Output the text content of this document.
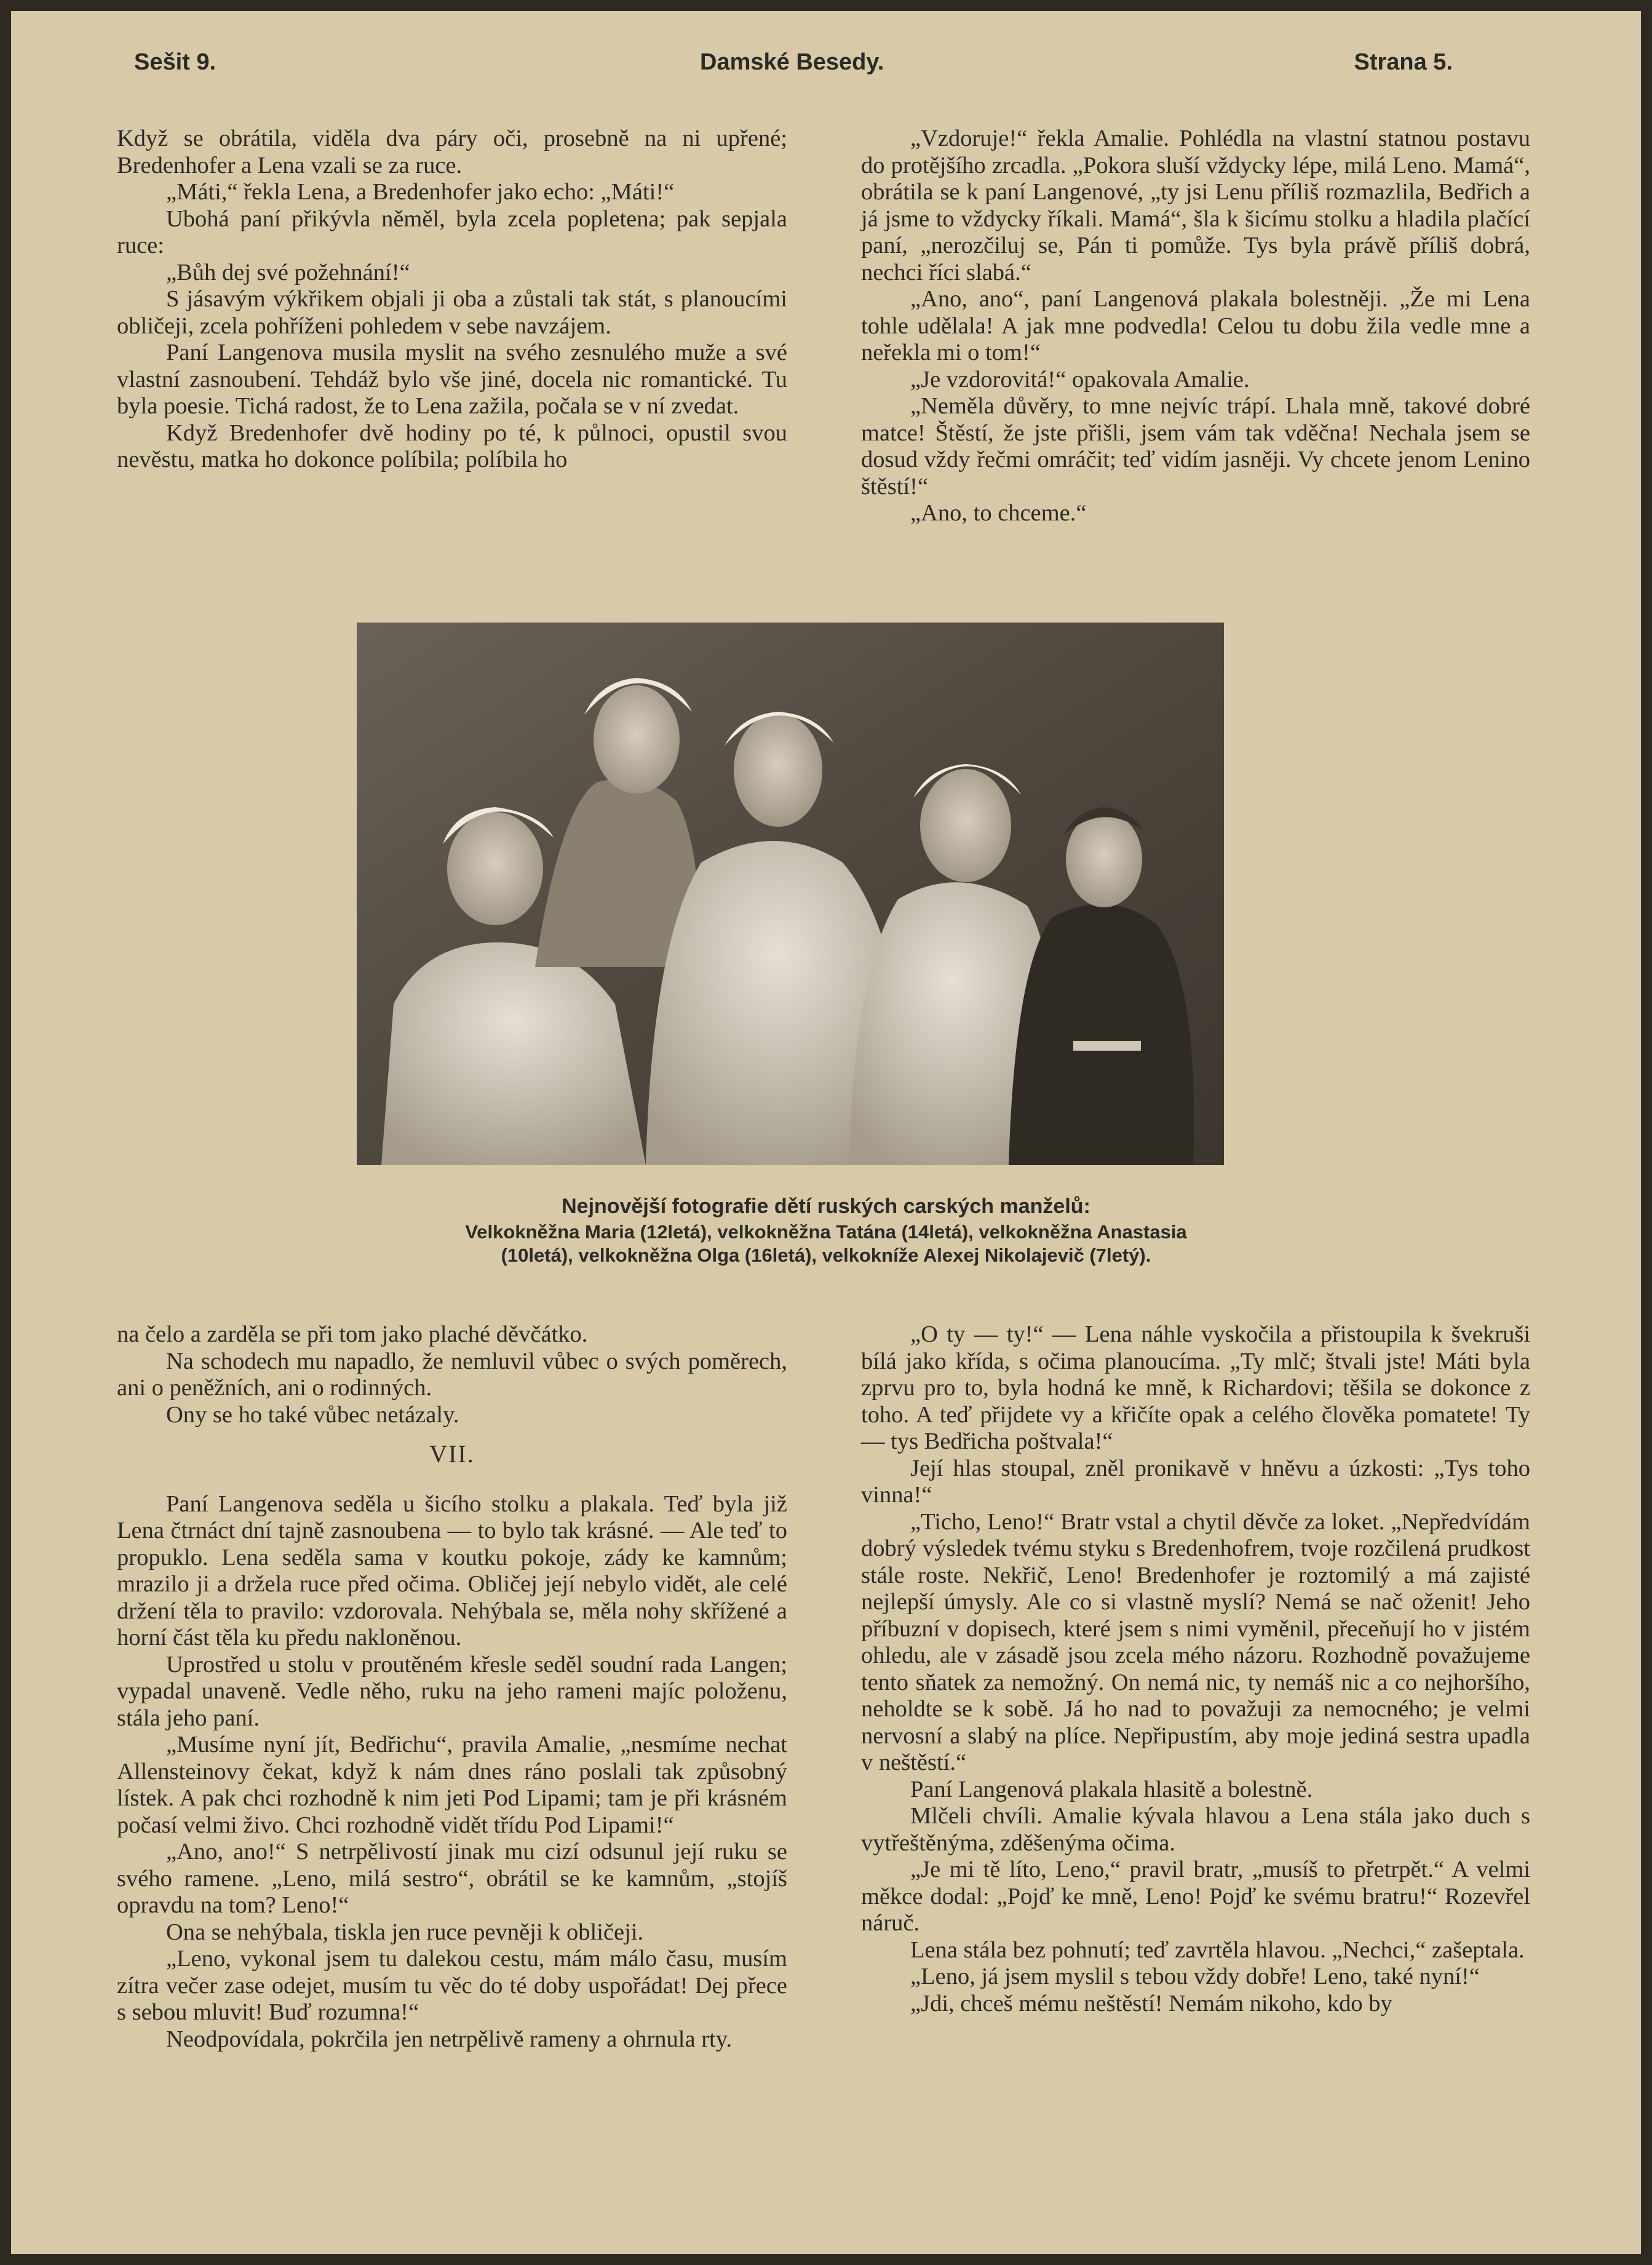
Sešit 9.	Damské Besedy.	Strana 5.

Když se obrátila, viděla dva páry oči, prosebně na ni upřené; Bredenhofer a Lena vzali se za ruce.

„Máti,“ řekla Lena, a Bredenhofer jako echo: „Máti!“

Ubohá paní přikývla něměl, byla zcela popletena; pak sepjala ruce:

„Bůh dej své požehnání!“

S jásavým výkřikem objali ji oba a zůstali tak stát, s planoucími obličeji, zcela pohříženi pohledem v sebe navzájem.

Paní Langenova musila myslit na svého zesnulého muže a své vlastní zasnoubení. Tehdáž bylo vše jiné, docela nic romantické. Tu byla poesie. Tichá radost, že to Lena zažila, počala se v ní zvedat.

Když Bredenhofer dvě hodiny po té, k půlnoci, opustil svou nevěstu, matka ho dokonce políbila; políbila ho

„Vzdoruje!“ řekla Amalie. Pohlédla na vlastní statnou postavu do protějšího zrcadla. „Pokora sluší vždycky lépe, milá Leno. Mamá“, obrátila se k paní Langenové, „ty jsi Lenu příliš rozmazlila, Bedřich a já jsme to vždycky říkali. Mamá“, šla k šicímu stolku a hladila plačící paní, „nerozčiluj se, Pán ti pomůže. Tys byla právě příliš dobrá, nechci říci slabá.“

„Ano, ano“, paní Langenová plakala bolestněji. „Že mi Lena tohle udělala! A jak mne podvedla! Celou tu dobu žila vedle mne a neřekla mi o tom!“

„Je vzdorovitá!“ opakovala Amalie.

„Neměla důvěry, to mne nejvíc trápí. Lhala mně, takové dobré matce! Štěstí, že jste přišli, jsem vám tak vděčna! Nechala jsem se dosud vždy řečmi omráčit; teď vidím jasněji. Vy chcete jenom Lenino štěstí!“

„Ano, to chceme.“

Nejnovější fotografie dětí ruských carských manželů:
Velkokněžna Maria (12letá), velkokněžna Tatána (14letá), velkokněžna Anastasia
(10letá), velkokněžna Olga (16letá), velkokníže Alexej Nikolajevič (7letý).

na čelo a zarděla se při tom jako plaché děvčátko.

Na schodech mu napadlo, že nemluvil vůbec o svých poměrech, ani o peněžních, ani o rodinných.

Ony se ho také vůbec netázaly.

VII.

Paní Langenova seděla u šicího stolku a plakala. Teď byla již Lena čtrnáct dní tajně zasnoubena — to bylo tak krásné. — Ale teď to propuklo. Lena seděla sama v koutku pokoje, zády ke kamnům; mrazilo ji a držela ruce před očima. Obličej její nebylo vidět, ale celé držení těla to pravilo: vzdorovala. Nehýbala se, měla nohy skřížené a horní část těla ku předu nakloněnou.

Uprostřed u stolu v proutěném křesle seděl soudní rada Langen; vypadal unaveně. Vedle něho, ruku na jeho rameni majíc položenu, stála jeho paní.

„Musíme nyní jít, Bedřichu“, pravila Amalie, „nesmíme nechat Allensteinovy čekat, když k nám dnes ráno poslali tak způsobný lístek. A pak chci rozhodně k nim jeti Pod Lipami; tam je při krásném počasí velmi živo. Chci rozhodně vidět třídu Pod Lipami!“

„Ano, ano!“ S netrpělivostí jinak mu cizí odsunul její ruku se svého ramene. „Leno, milá sestro“, obrátil se ke kamnům, „stojíš opravdu na tom? Leno!“

Ona se nehýbala, tiskla jen ruce pevněji k obličeji.

„Leno, vykonal jsem tu dalekou cestu, mám málo času, musím zítra večer zase odejet, musím tu věc do té doby uspořádat! Dej přece s sebou mluvit! Buď rozumna!“

Neodpovídala, pokrčila jen netrpělivě rameny a ohrnula rty.

„O ty — ty!“ — Lena náhle vyskočila a přistoupila k švekruši bílá jako křída, s očima planoucíma. „Ty mlč; štvali jste! Máti byla zprvu pro to, byla hodná ke mně, k Richardovi; těšila se dokonce z toho. A teď přijdete vy a křičíte opak a celého člověka pomatete! Ty — tys Bedřicha poštvala!“

Její hlas stoupal, zněl pronikavě v hněvu a úzkosti: „Tys toho vinna!“

„Ticho, Leno!“ Bratr vstal a chytil děvče za loket. „Nepředvídám dobrý výsledek tvému styku s Bredenhofrem, tvoje rozčilená prudkost stále roste. Nekřič, Leno! Bredenhofer je roztomilý a má zajisté nejlepší úmysly. Ale co si vlastně myslí? Nemá se nač oženit! Jeho příbuzní v dopisech, které jsem s nimi vyměnil, přeceňují ho v jistém ohledu, ale v zásadě jsou zcela mého názoru. Rozhodně považujeme tento sňatek za nemožný. On nemá nic, ty nemáš nic a co nejhoršího, neholdte se k sobě. Já ho nad to považuji za nemocného; je velmi nervosní a slabý na plíce. Nepřipustím, aby moje jediná sestra upadla v neštěstí.“

Paní Langenová plakala hlasitě a bolestně.

Mlčeli chvíli. Amalie kývala hlavou a Lena stála jako duch s vytřeštěnýma, zděšenýma očima.

„Je mi tě líto, Leno,“ pravil bratr, „musíš to přetrpět.“ A velmi měkce dodal: „Pojď ke mně, Leno! Pojď ke svému bratru!“ Rozevřel náruč.

Lena stála bez pohnutí; teď zavrtěla hlavou. „Nechci,“ zašeptala.

„Leno, já jsem myslil s tebou vždy dobře! Leno, také nyní!“

„Jdi, chceš mému neštěstí! Nemám nikoho, kdo by
